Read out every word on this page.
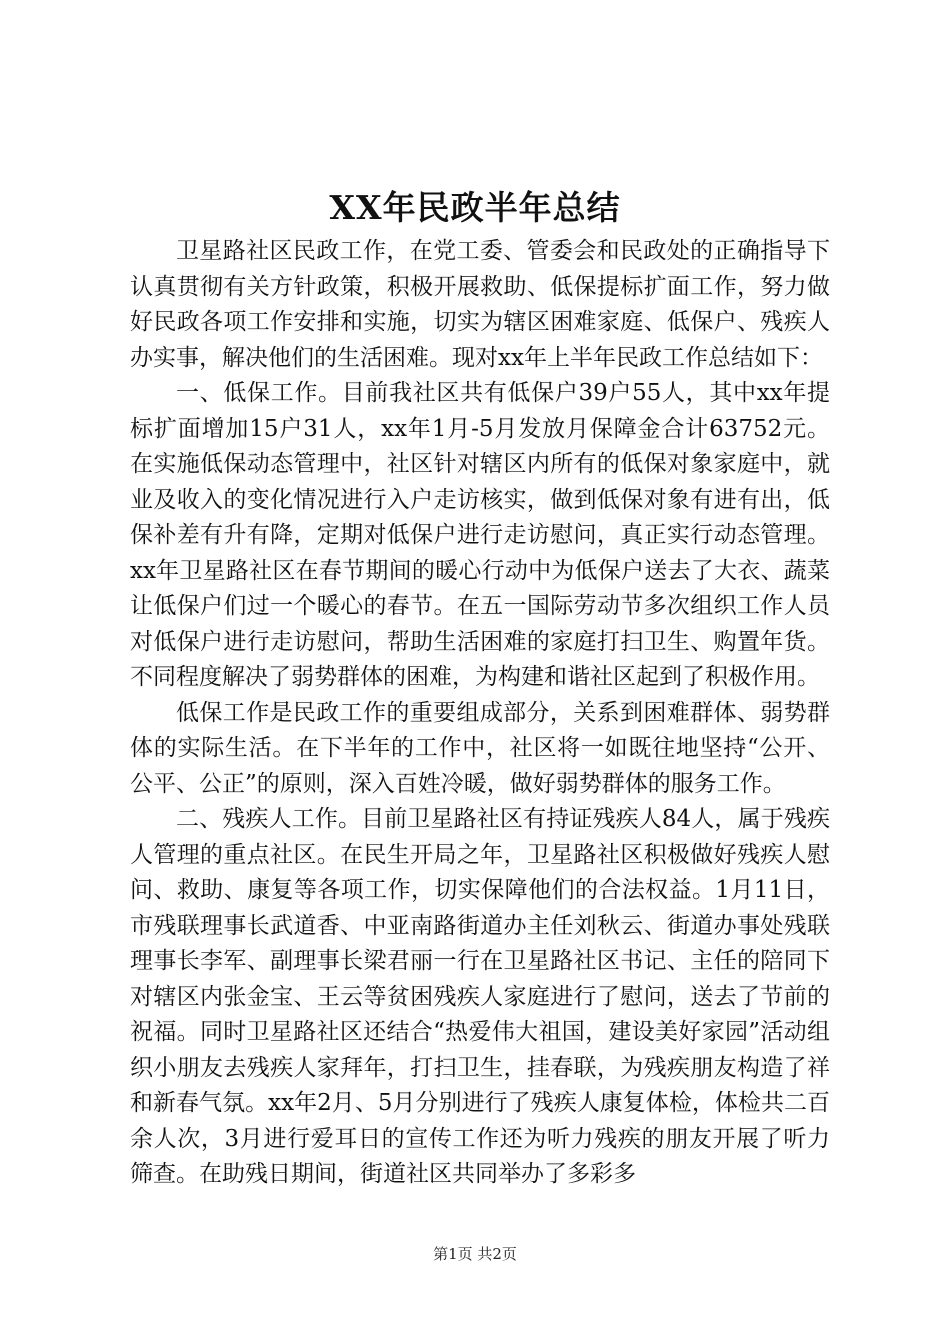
XX年民政半年总结

卫星路社区民政工作，在党工委、管委会和民政处的正确指导下认真贯彻有关方针政策，积极开展救助、低保提标扩面工作，努力做好民政各项工作安排和实施，切实为辖区困难家庭、低保户、残疾人办实事，解决他们的生活困难。现对xx年上半年民政工作总结如下：

一、低保工作。目前我社区共有低保户39户55人，其中xx年提标扩面增加15户31人，xx年1月-5月发放月保障金合计63752元。在实施低保动态管理中，社区针对辖区内所有的低保对象家庭中，就业及收入的变化情况进行入户走访核实，做到低保对象有进有出，低保补差有升有降，定期对低保户进行走访慰问，真正实行动态管理。xx年卫星路社区在春节期间的暖心行动中为低保户送去了大衣、蔬菜让低保户们过一个暖心的春节。在五一国际劳动节多次组织工作人员对低保户进行走访慰问，帮助生活困难的家庭打扫卫生、购置年货。不同程度解决了弱势群体的困难，为构建和谐社区起到了积极作用。

低保工作是民政工作的重要组成部分，关系到困难群体、弱势群体的实际生活。在下半年的工作中，社区将一如既往地坚持“公开、公平、公正”的原则，深入百姓冷暖，做好弱势群体的服务工作。

二、残疾人工作。目前卫星路社区有持证残疾人84人，属于残疾人管理的重点社区。在民生开局之年，卫星路社区积极做好残疾人慰问、救助、康复等各项工作，切实保障他们的合法权益。1月11日，市残联理事长武道香、中亚南路街道办主任刘秋云、街道办事处残联理事长李军、副理事长梁君丽一行在卫星路社区书记、主任的陪同下对辖区内张金宝、王云等贫困残疾人家庭进行了慰问，送去了节前的祝福。同时卫星路社区还结合“热爱伟大祖国，建设美好家园”活动组织小朋友去残疾人家拜年，打扫卫生，挂春联，为残疾朋友构造了祥和新春气氛。xx年2月、5月分别进行了残疾人康复体检，体检共二百余人次，3月进行爱耳日的宣传工作还为听力残疾的朋友开展了听力筛查。在助残日期间，街道社区共同举办了多彩多

第1页 共2页
